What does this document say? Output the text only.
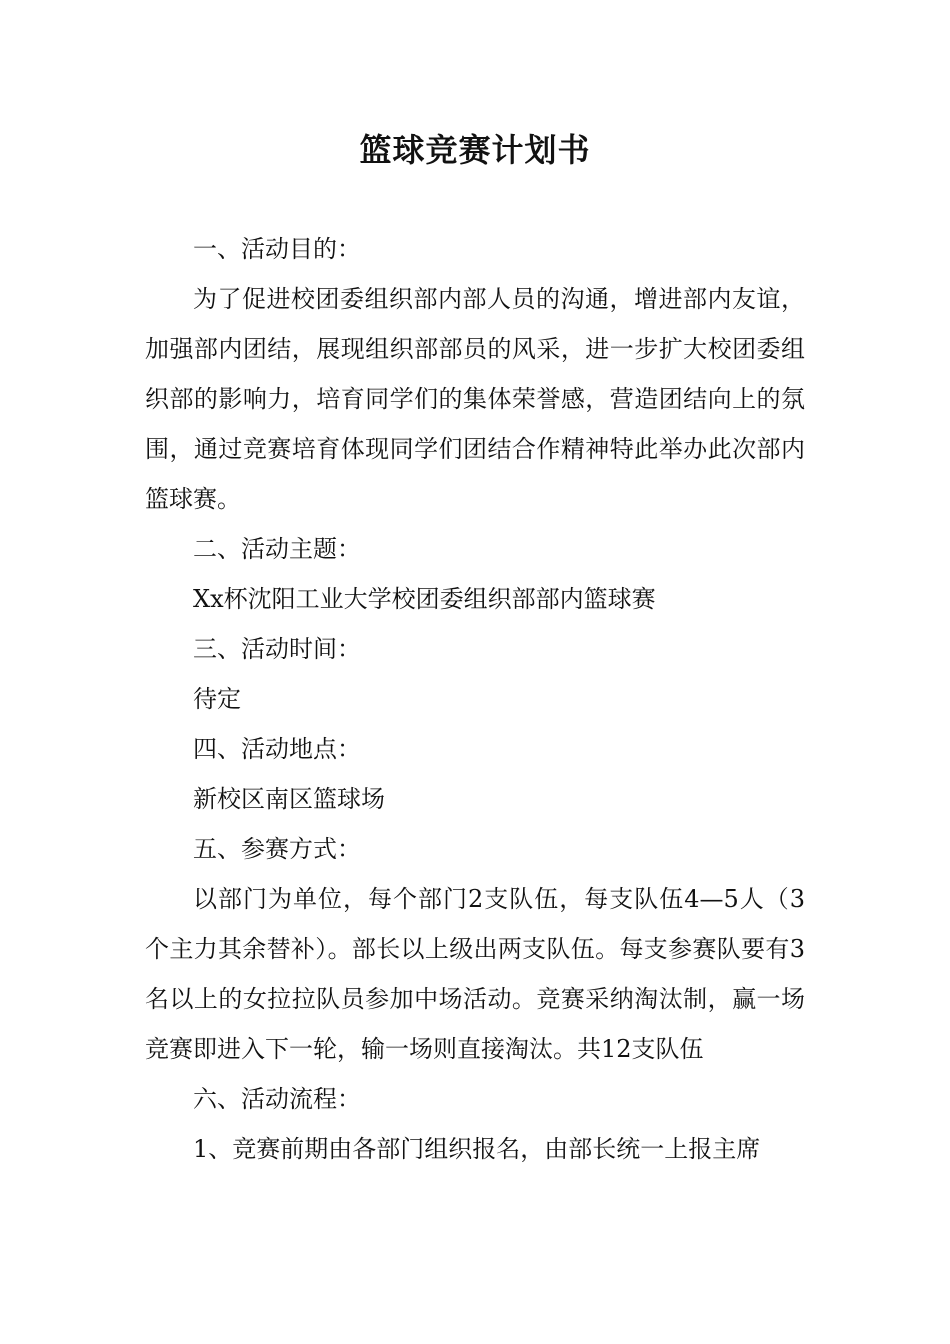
篮球竞赛计划书

一、活动目的：

为了促进校团委组织部内部人员的沟通，增进部内友谊，加强部内团结，展现组织部部员的风采，进一步扩大校团委组织部的影响力，培育同学们的集体荣誉感，营造团结向上的氛围，通过竞赛培育体现同学们团结合作精神特此举办此次部内篮球赛。

二、活动主题：

Xx杯沈阳工业大学校团委组织部部内篮球赛

三、活动时间：

待定

四、活动地点：

新校区南区篮球场

五、参赛方式：

以部门为单位，每个部门2支队伍，每支队伍4—5人（3个主力其余替补）。部长以上级出两支队伍。每支参赛队要有3名以上的女拉拉队员参加中场活动。竞赛采纳淘汰制，赢一场竞赛即进入下一轮，输一场则直接淘汰。共12支队伍

六、活动流程：

1、竞赛前期由各部门组织报名，由部长统一上报主席
